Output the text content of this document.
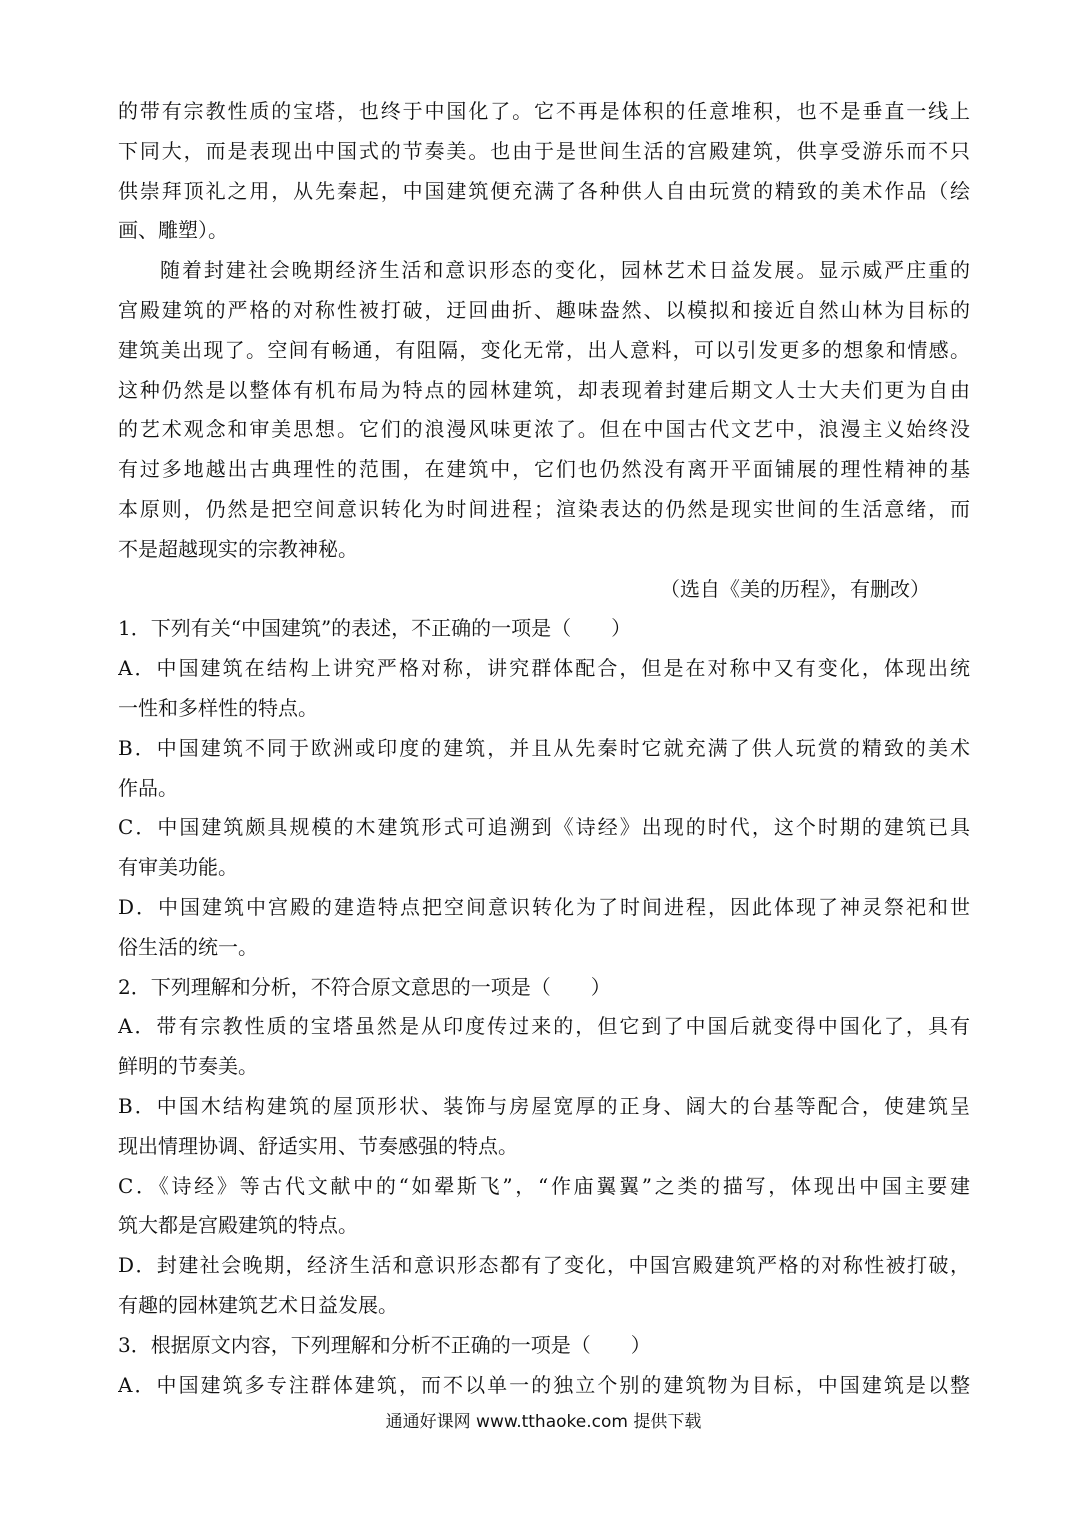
的带有宗教性质的宝塔，也终于中国化了。它不再是体积的任意堆积，也不是垂直一线上
下同大，而是表现出中国式的节奏美。也由于是世间生活的宫殿建筑，供享受游乐而不只
供崇拜顶礼之用，从先秦起，中国建筑便充满了各种供人自由玩赏的精致的美术作品（绘
画、雕塑）。
随着封建社会晚期经济生活和意识形态的变化，园林艺术日益发展。显示威严庄重的
宫殿建筑的严格的对称性被打破，迂回曲折、趣味盎然、以模拟和接近自然山林为目标的
建筑美出现了。空间有畅通，有阻隔，变化无常，出人意料，可以引发更多的想象和情感。
这种仍然是以整体有机布局为特点的园林建筑，却表现着封建后期文人士大夫们更为自由
的艺术观念和审美思想。它们的浪漫风味更浓了。但在中国古代文艺中，浪漫主义始终没
有过多地越出古典理性的范围，在建筑中，它们也仍然没有离开平面铺展的理性精神的基
本原则，仍然是把空间意识转化为时间进程；渲染表达的仍然是现实世间的生活意绪，而
不是超越现实的宗教神秘。
（选自《美的历程》，有删改）
1．下列有关“中国建筑”的表述，不正确的一项是（　　）
A．中国建筑在结构上讲究严格对称，讲究群体配合，但是在对称中又有变化，体现出统
一性和多样性的特点。
B．中国建筑不同于欧洲或印度的建筑，并且从先秦时它就充满了供人玩赏的精致的美术
作品。
C．中国建筑颇具规模的木建筑形式可追溯到《诗经》出现的时代，这个时期的建筑已具
有审美功能。
D．中国建筑中宫殿的建造特点把空间意识转化为了时间进程，因此体现了神灵祭祀和世
俗生活的统一。
2．下列理解和分析，不符合原文意思的一项是（　　）
A．带有宗教性质的宝塔虽然是从印度传过来的，但它到了中国后就变得中国化了，具有
鲜明的节奏美。
B．中国木结构建筑的屋顶形状、装饰与房屋宽厚的正身、阔大的台基等配合，使建筑呈
现出情理协调、舒适实用、节奏感强的特点。
C．《诗经》等古代文献中的“如翚斯飞”，“作庙翼翼”之类的描写，体现出中国主要建
筑大都是宫殿建筑的特点。
D．封建社会晚期，经济生活和意识形态都有了变化，中国宫殿建筑严格的对称性被打破，
有趣的园林建筑艺术日益发展。
3．根据原文内容，下列理解和分析不正确的一项是（　　）
A．中国建筑多专注群体建筑，而不以单一的独立个别的建筑物为目标，中国建筑是以整
通通好课网 www.tthaoke.com 提供下载
